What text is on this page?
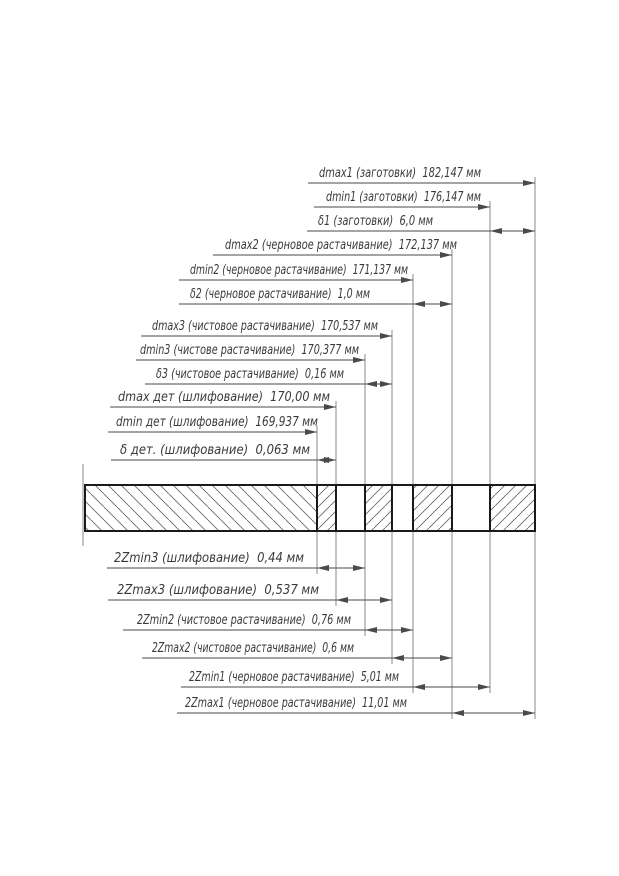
dmax1 (заготовки)  182,147 мм
dmin1 (заготовки)  176,147 мм
δ1 (заготовки)  6,0 мм
dmax2 (черновое растачивание)  172,137 мм
dmin2 (черновое растачивание)  171,137 мм
δ2 (черновое растачивание)  1,0 мм
dmax3 (чистовое растачивание)  170,537 мм
dmin3 (чистове растачивание)  170,377 мм
δ3 (чистовое растачивание)  0,16 мм
dmax дет (шлифование)  170,00 мм
dmin дет (шлифование)  169,937 мм
δ дет. (шлифование)  0,063 мм
2Zmin3 (шлифование)  0,44 мм
2Zmax3 (шлифование)  0,537 мм
2Zmin2 (чистовое растачивание)  0,76 мм
2Zmax2 (чистовое растачивание)  0,6 мм
2Zmin1 (черновое растачивание)  5,01 мм
2Zmax1 (черновое растачивание)  11,01 мм
